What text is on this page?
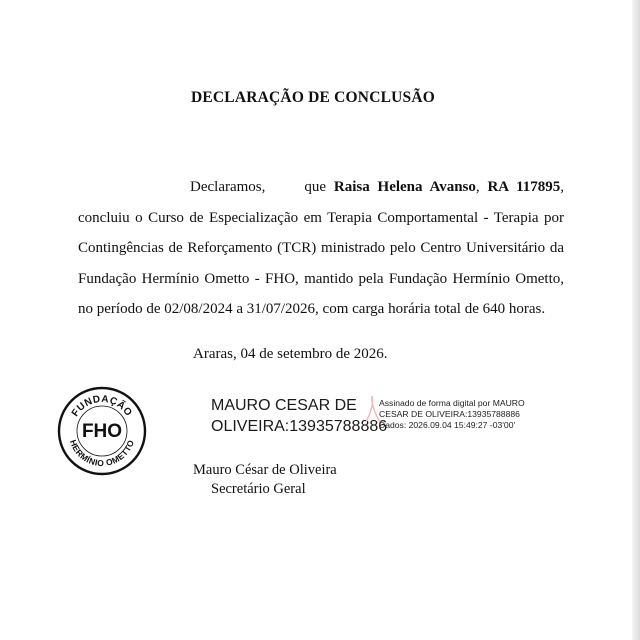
DECLARAÇÃO DE CONCLUSÃO
Declaramos,	que Raisa Helena Avanso, RA 117895,
concluiu o Curso de Especialização em Terapia Comportamental - Terapia por
Contingências de Reforçamento (TCR) ministrado pelo Centro Universitário da
Fundação Hermínio Ometto - FHO, mantido pela Fundação Hermínio Ometto,
no período de 02/08/2024 a 31/07/2026, com carga horária total de 640 horas.
Araras, 04 de setembro de 2026.
FUNDAÇÃO
FHO
HERMÍNIO OMETTO
MAURO CESAR DE
OLIVEIRA:13935788886
Assinado de forma digital por MAURO
CESAR DE OLIVEIRA:13935788886
Dados: 2026.09.04 15:49:27 -03'00'
Mauro César de Oliveira
Secretário Geral
